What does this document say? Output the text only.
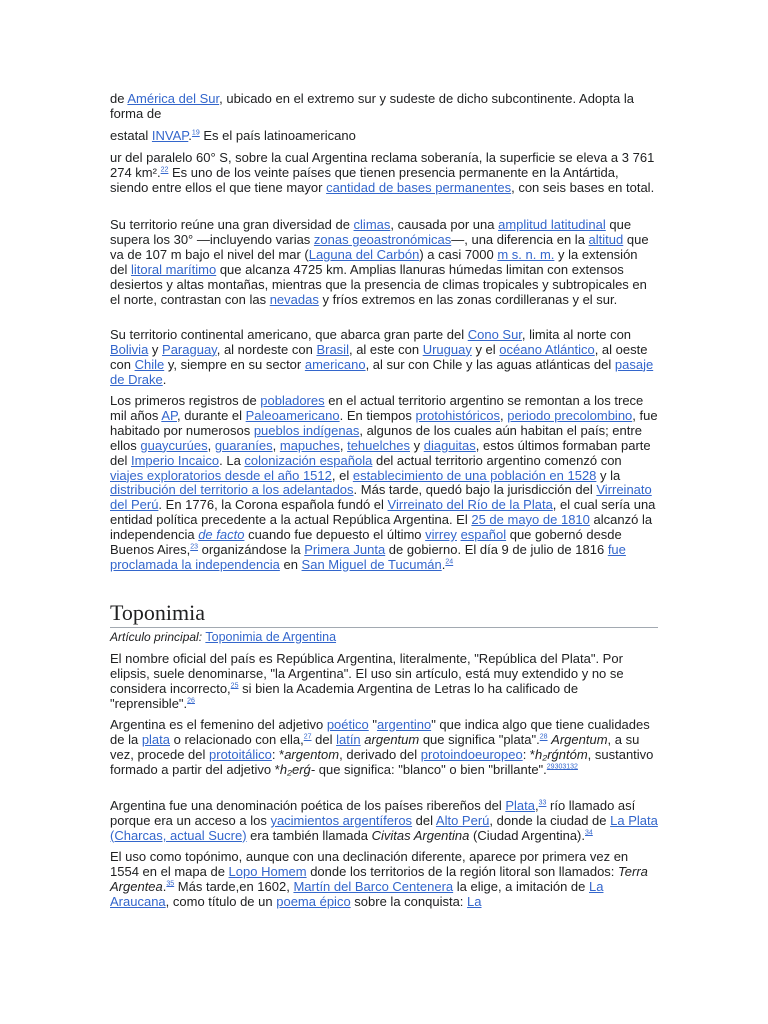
de América del Sur, ubicado en el extremo sur y sudeste de dicho subcontinente. Adopta la forma de

estatal INVAP.$^{19}$ Es el país latinoamericano

ur del paralelo 60° S, sobre la cual Argentina reclama soberanía, la superficie se eleva a 3 761 274 km².$^{22}$ Es uno de los veinte países que tienen presencia permanente en la Antártida, siendo entre ellos el que tiene mayor cantidad de bases permanentes, con seis bases en total.

Su territorio reúne una gran diversidad de climas, causada por una amplitud latitudinal que supera los 30° —incluyendo varias zonas geoastronómicas—, una diferencia en la altitud que va de 107 m bajo el nivel del mar (Laguna del Carbón) a casi 7000 m s. n. m. y la extensión del litoral marítimo que alcanza 4725 km. Amplias llanuras húmedas limitan con extensos desiertos y altas montañas, mientras que la presencia de climas tropicales y subtropicales en el norte, contrastan con las nevadas y fríos extremos en las zonas cordilleranas y el sur.

Su territorio continental americano, que abarca gran parte del Cono Sur, limita al norte con Bolivia y Paraguay, al nordeste con Brasil, al este con Uruguay y el océano Atlántico, al oeste con Chile y, siempre en su sector americano, al sur con Chile y las aguas atlánticas del pasaje de Drake.

Los primeros registros de pobladores en el actual territorio argentino se remontan a los trece mil años AP, durante el Paleoamericano. En tiempos protohistóricos, periodo precolombino, fue habitado por numerosos pueblos indígenas, algunos de los cuales aún habitan el país; entre ellos guaycurúes, guaraníes, mapuches, tehuelches y diaguitas, estos últimos formaban parte del Imperio Incaico. La colonización española del actual territorio argentino comenzó con viajes exploratorios desde el año 1512, el establecimiento de una población en 1528 y la distribución del territorio a los adelantados. Más tarde, quedó bajo la jurisdicción del Virreinato del Perú. En 1776, la Corona española fundó el Virreinato del Río de la Plata, el cual sería una entidad política precedente a la actual República Argentina. El 25 de mayo de 1810 alcanzó la independencia de facto cuando fue depuesto el último virrey español que gobernó desde Buenos Aires,$^{23}$ organizándose la Primera Junta de gobierno. El día 9 de julio de 1816 fue proclamada la independencia en San Miguel de Tucumán.$^{24}$

Toponimia
Artículo principal: Toponimia de Argentina

El nombre oficial del país es República Argentina, literalmente, "República del Plata". Por elipsis, suele denominarse, "la Argentina". El uso sin artículo, está muy extendido y no se considera incorrecto,$^{25}$ si bien la Academia Argentina de Letras lo ha calificado de "reprensible".$^{26}$

Argentina es el femenino del adjetivo poético "argentino" que indica algo que tiene cualidades de la plata o relacionado con ella,$^{27}$ del latín argentum que significa "plata".$^{28}$ Argentum, a su vez, procede del protoitálico: *argentom, derivado del protoindoeuropeo: *h₂rǵntóm, sustantivo formado a partir del adjetivo *h₂erǵ- que significa: "blanco" o bien "brillante".$^{29303132}$

Argentina fue una denominación poética de los países ribereños del Plata,$^{33}$ río llamado así porque era un acceso a los yacimientos argentíferos del Alto Perú, donde la ciudad de La Plata (Charcas, actual Sucre) era también llamada Civitas Argentina (Ciudad Argentina).$^{34}$

El uso como topónimo, aunque con una declinación diferente, aparece por primera vez en 1554 en el mapa de Lopo Homem donde los territorios de la región litoral son llamados: Terra Argentea.$^{35}$ Más tarde,en 1602, Martín del Barco Centenera la elige, a imitación de La Araucana, como título de un poema épico sobre la conquista: La
